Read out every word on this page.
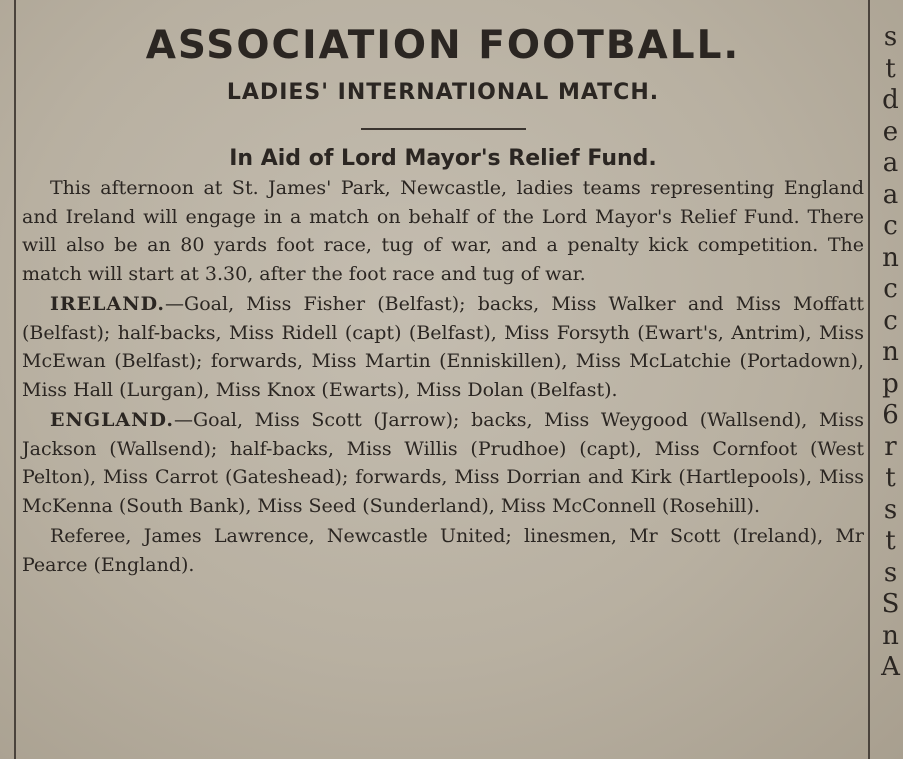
ASSOCIATION FOOTBALL.
LADIES' INTERNATIONAL MATCH.
In Aid of Lord Mayor's Relief Fund.

This afternoon at St. James' Park, Newcastle, ladies teams representing England and Ireland will engage in a match on behalf of the Lord Mayor's Relief Fund. There will also be an 80 yards foot race, tug of war, and a penalty kick competition. The match will start at 3.30, after the foot race and tug of war.

IRELAND.—Goal, Miss Fisher (Belfast); backs, Miss Walker and Miss Moffatt (Belfast); half-backs, Miss Ridell (capt) (Belfast), Miss Forsyth (Ewart's, Antrim), Miss McEwan (Belfast); forwards, Miss Martin (Enniskillen), Miss McLatchie (Portadown), Miss Hall (Lurgan), Miss Knox (Ewarts), Miss Dolan (Belfast).

ENGLAND.—Goal, Miss Scott (Jarrow); backs, Miss Weygood (Wallsend), Miss Jackson (Wallsend); half-backs, Miss Willis (Prudhoe) (capt), Miss Cornfoot (West Pelton), Miss Carrot (Gateshead); forwards, Miss Dorrian and Kirk (Hartlepools), Miss McKenna (South Bank), Miss Seed (Sunderland), Miss McConnell (Rosehill).

Referee, James Lawrence, Newcastle United; linesmen, Mr Scott (Ireland), Mr Pearce (England).

s
t
d
e
a
a
c
n
c
c
n
p
6
r
t
s
t
s
S
n
A
